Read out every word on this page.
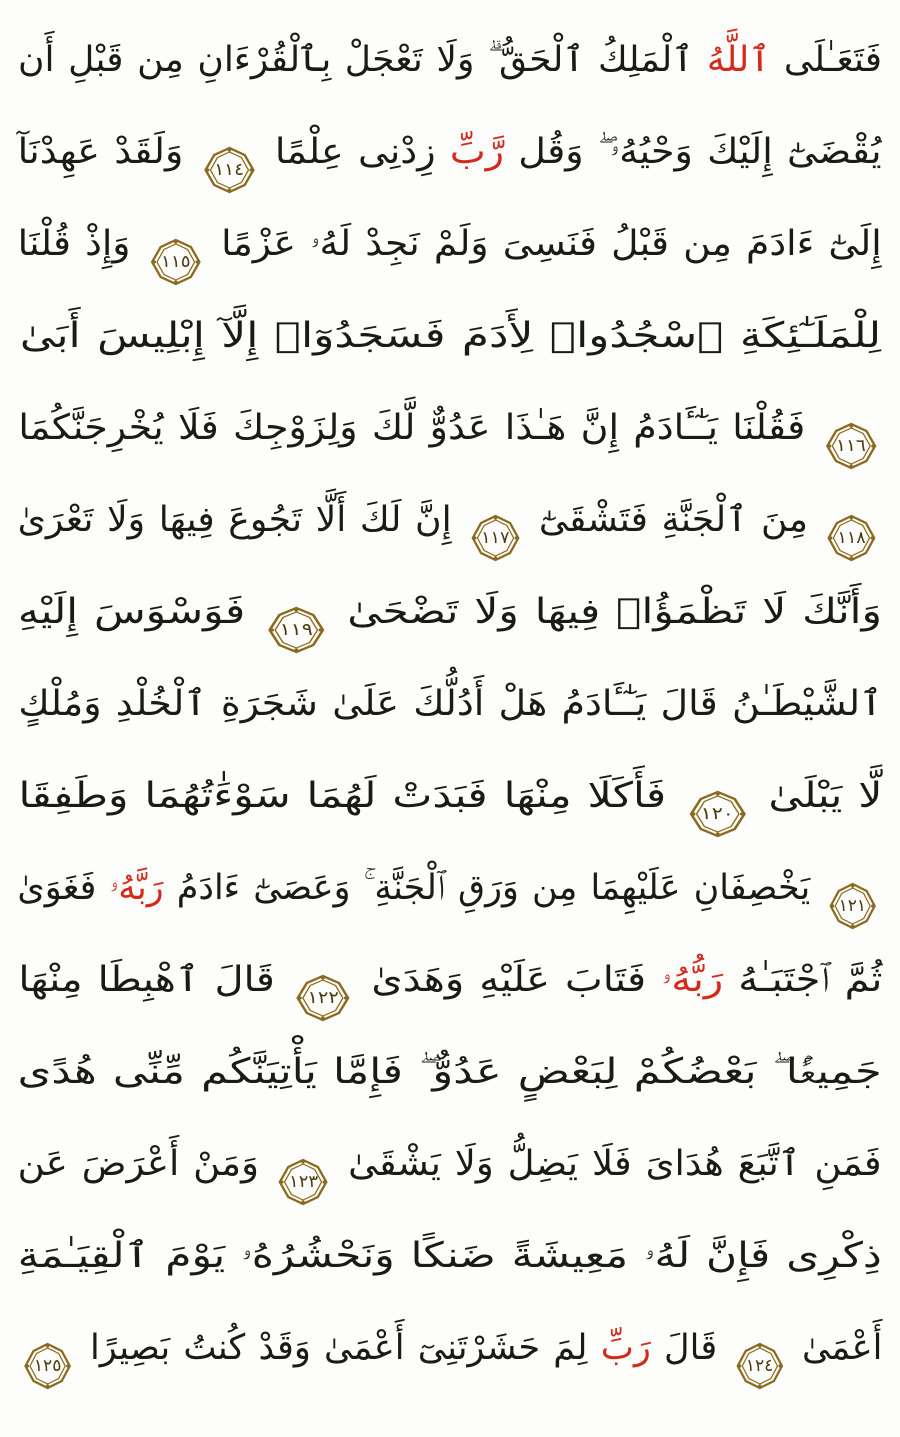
فَتَعَـٰلَى ٱللَّهُ ٱلْمَلِكُ ٱلْحَقُّ ۗ وَلَا تَعْجَلْ بِٱلْقُرْءَانِ مِن قَبْلِ أَن
يُقْضَىٰٓ إِلَيْكَ وَحْيُهُۥ ۖ وَقُل رَّبِّ زِدْنِى عِلْمًا
١١٤ وَلَقَدْ عَهِدْنَآ
إِلَىٰٓ ءَادَمَ مِن قَبْلُ فَنَسِىَ وَلَمْ نَجِدْ لَهُۥ عَزْمًا
١١٥ وَإِذْ قُلْنَا
لِلْمَلَـٰٓئِكَةِ ٱسْجُدُوا۟ لِأَدَمَ فَسَجَدُوٓا۟ إِلَّآ إِبْلِيسَ أَبَىٰ
١١٦ فَقُلْنَا يَـٰٓـَٔادَمُ إِنَّ هَـٰذَا عَدُوٌّ لَّكَ وَلِزَوْجِكَ فَلَا يُخْرِجَنَّكُمَا
١١٨ مِنَ ٱلْجَنَّةِ فَتَشْقَىٰٓ
١١٧ إِنَّ لَكَ أَلَّا تَجُوعَ فِيهَا وَلَا تَعْرَىٰ
وَأَنَّكَ لَا تَظْمَؤُا۟ فِيهَا وَلَا تَضْحَىٰ
١١٩ فَوَسْوَسَ إِلَيْهِ
ٱلشَّيْطَـٰنُ قَالَ يَـٰٓـَٔادَمُ هَلْ أَدُلُّكَ عَلَىٰ شَجَرَةِ ٱلْخُلْدِ وَمُلْكٍ
لَّا يَبْلَىٰ
١٢٠ فَأَكَلَا مِنْهَا فَبَدَتْ لَهُمَا سَوْءَٰتُهُمَا وَطَفِقَا
١٢١ يَخْصِفَانِ عَلَيْهِمَا مِن وَرَقِ ٱلْجَنَّةِ ۚ وَعَصَىٰٓ ءَادَمُ رَبَّهُۥ فَغَوَىٰ
ثُمَّ ٱجْتَبَـٰهُ رَبُّهُۥ فَتَابَ عَلَيْهِ وَهَدَىٰ
١٢٢ قَالَ ٱهْبِطَا مِنْهَا
جَمِيعًۢا ۖ بَعْضُكُمْ لِبَعْضٍ عَدُوٌّ ۖ فَإِمَّا يَأْتِيَنَّكُم مِّنِّى هُدًى
فَمَنِ ٱتَّبَعَ هُدَاىَ فَلَا يَضِلُّ وَلَا يَشْقَىٰ
١٢٣ وَمَنْ أَعْرَضَ عَن
ذِكْرِى فَإِنَّ لَهُۥ مَعِيشَةً ضَنكًا وَنَحْشُرُهُۥ يَوْمَ ٱلْقِيَـٰمَةِ
أَعْمَىٰ
١٢٤ قَالَ رَبِّ لِمَ حَشَرْتَنِىٓ أَعْمَىٰ وَقَدْ كُنتُ بَصِيرًا
١٢٥
